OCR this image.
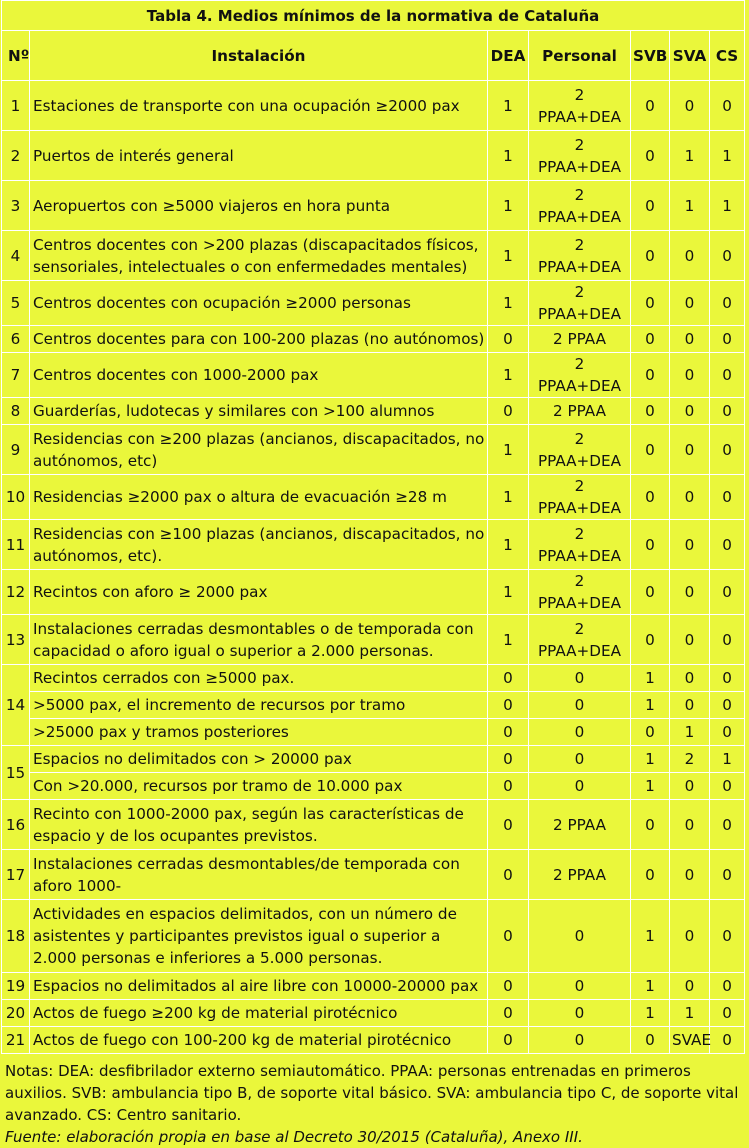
Tabla 4. Medios mínimos de la normativa de Cataluña						
Nº	Instalación	DEA	Personal	SVB	SVA	CS
1	Estaciones de transporte con una ocupación ≥2000 pax	1	2 PPAA+DEA	0	0	0
2	Puertos de interés general	1	2 PPAA+DEA	0	1	1
3	Aeropuertos con ≥5000 viajeros en hora punta	1	2 PPAA+DEA	0	1	1
4	Centros docentes con >200 plazas (discapacitados físicos, sensoriales, intelectuales o con enfermedades mentales)	1	2 PPAA+DEA	0	0	0
5	Centros docentes con ocupación ≥2000 personas	1	2 PPAA+DEA	0	0	0
6	Centros docentes para con 100-200 plazas (no autónomos)	0	2 PPAA	0	0	0
7	Centros docentes con 1000-2000 pax	1	2 PPAA+DEA	0	0	0
8	Guarderías, ludotecas y similares con >100 alumnos	0	2 PPAA	0	0	0
9	Residencias con ≥200 plazas (ancianos, discapacitados, no autónomos, etc)	1	2 PPAA+DEA	0	0	0
10	Residencias ≥2000 pax o altura de evacuación ≥28 m	1	2 PPAA+DEA	0	0	0
11	Residencias con ≥100 plazas (ancianos, discapacitados, no autónomos, etc).	1	2 PPAA+DEA	0	0	0
12	Recintos con aforo ≥ 2000 pax	1	2 PPAA+DEA	0	0	0
13	Instalaciones cerradas desmontables o de temporada con capacidad o aforo igual o superior a 2.000 personas.	1	2 PPAA+DEA	0	0	0
14	Recintos cerrados con ≥5000 pax.	0	0	1	0	0
	>5000 pax, el incremento de recursos por tramo	0	0	1	0	0
	>25000 pax y tramos posteriores	0	0	0	1	0
15	Espacios no delimitados con > 20000 pax	0	0	1	2	1
	Con >20.000, recursos por tramo de 10.000 pax	0	0	1	0	0
16	Recinto con 1000-2000 pax, según las características de espacio y de los ocupantes previstos.	0	2 PPAA	0	0	0
17	Instalaciones cerradas desmontables/de temporada con aforo 1000-	0	2 PPAA	0	0	0
18	Actividades en espacios delimitados, con un número de asistentes y participantes previstos igual o superior a 2.000 personas e inferiores a 5.000 personas.	0	0	1	0	0
19	Espacios no delimitados al aire libre con 10000-20000 pax	0	0	1	0	0
20	Actos de fuego ≥200 kg de material pirotécnico	0	0	1	1	0
21	Actos de fuego con 100-200 kg de material pirotécnico	0	0	0	SVAE	0

Notas: DEA: desfibrilador externo semiautomático. PPAA: personas entrenadas en primeros auxilios. SVB: ambulancia tipo B, de soporte vital básico. SVA: ambulancia tipo C, de soporte vital avanzado. CS: Centro sanitario.

Fuente: elaboración propia en base al Decreto 30/2015 (Cataluña), Anexo III.
